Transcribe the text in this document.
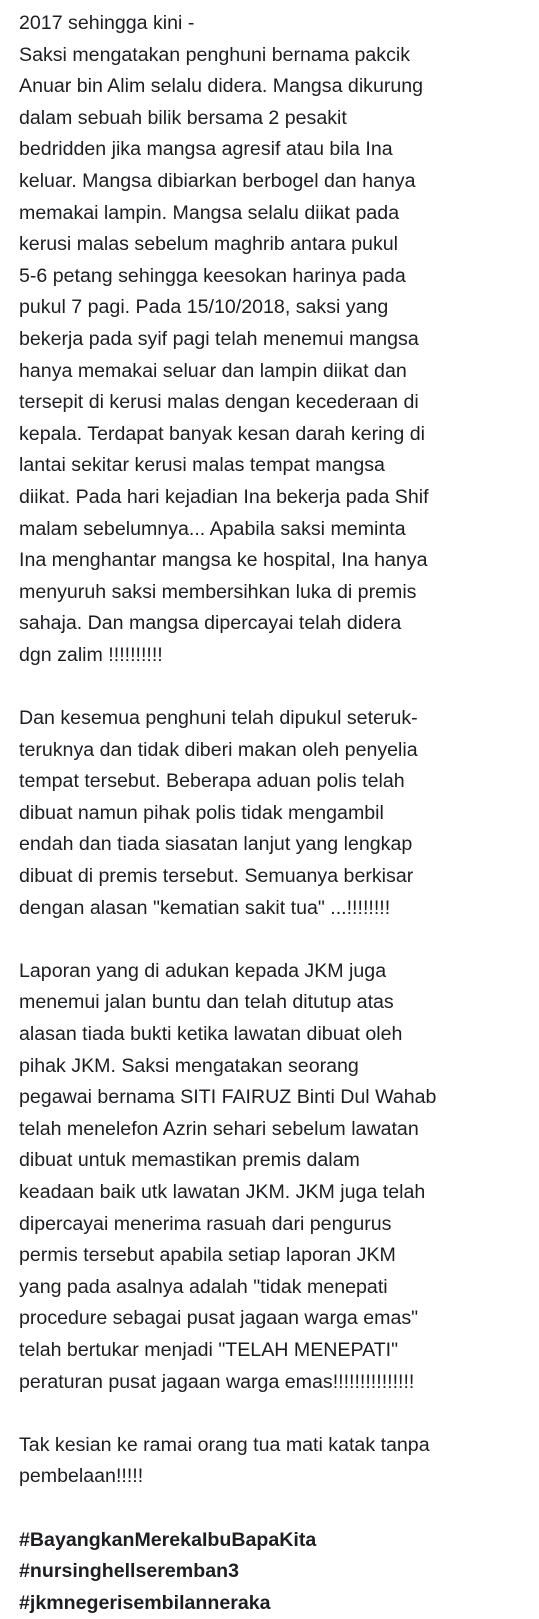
2017 sehingga kini -
Saksi mengatakan penghuni bernama pakcik
Anuar bin Alim selalu didera. Mangsa dikurung
dalam sebuah bilik bersama 2 pesakit
bedridden jika mangsa agresif atau bila Ina
keluar. Mangsa dibiarkan berbogel dan hanya
memakai lampin. Mangsa selalu diikat pada
kerusi malas sebelum maghrib antara pukul
5-6 petang sehingga keesokan harinya pada
pukul 7 pagi. Pada 15/10/2018, saksi yang
bekerja pada syif pagi telah menemui mangsa
hanya memakai seluar dan lampin diikat dan
tersepit di kerusi malas dengan kecederaan di
kepala. Terdapat banyak kesan darah kering di
lantai sekitar kerusi malas tempat mangsa
diikat. Pada hari kejadian Ina bekerja pada Shif
malam sebelumnya... Apabila saksi meminta
Ina menghantar mangsa ke hospital, Ina hanya
menyuruh saksi membersihkan luka di premis
sahaja. Dan mangsa dipercayai telah didera
dgn zalim !!!!!!!!!!
Dan kesemua penghuni telah dipukul seteruk-
teruknya dan tidak diberi makan oleh penyelia
tempat tersebut. Beberapa aduan polis telah
dibuat namun pihak polis tidak mengambil
endah dan tiada siasatan lanjut yang lengkap
dibuat di premis tersebut. Semuanya berkisar
dengan alasan "kematian sakit tua" ...!!!!!!!!
Laporan yang di adukan kepada JKM juga
menemui jalan buntu dan telah ditutup atas
alasan tiada bukti ketika lawatan dibuat oleh
pihak JKM. Saksi mengatakan seorang
pegawai bernama SITI FAIRUZ Binti Dul Wahab
telah menelefon Azrin sehari sebelum lawatan
dibuat untuk memastikan premis dalam
keadaan baik utk lawatan JKM. JKM juga telah
dipercayai menerima rasuah dari pengurus
permis tersebut apabila setiap laporan JKM
yang pada asalnya adalah "tidak menepati
procedure sebagai pusat jagaan warga emas"
telah bertukar menjadi "TELAH MENEPATI"
peraturan pusat jagaan warga emas!!!!!!!!!!!!!!!
Tak kesian ke ramai orang tua mati katak tanpa
pembelaan!!!!!
#BayangkanMerekaIbuBapaKita
#nursinghellseremban3
#jkmnegerisembilanneraka
